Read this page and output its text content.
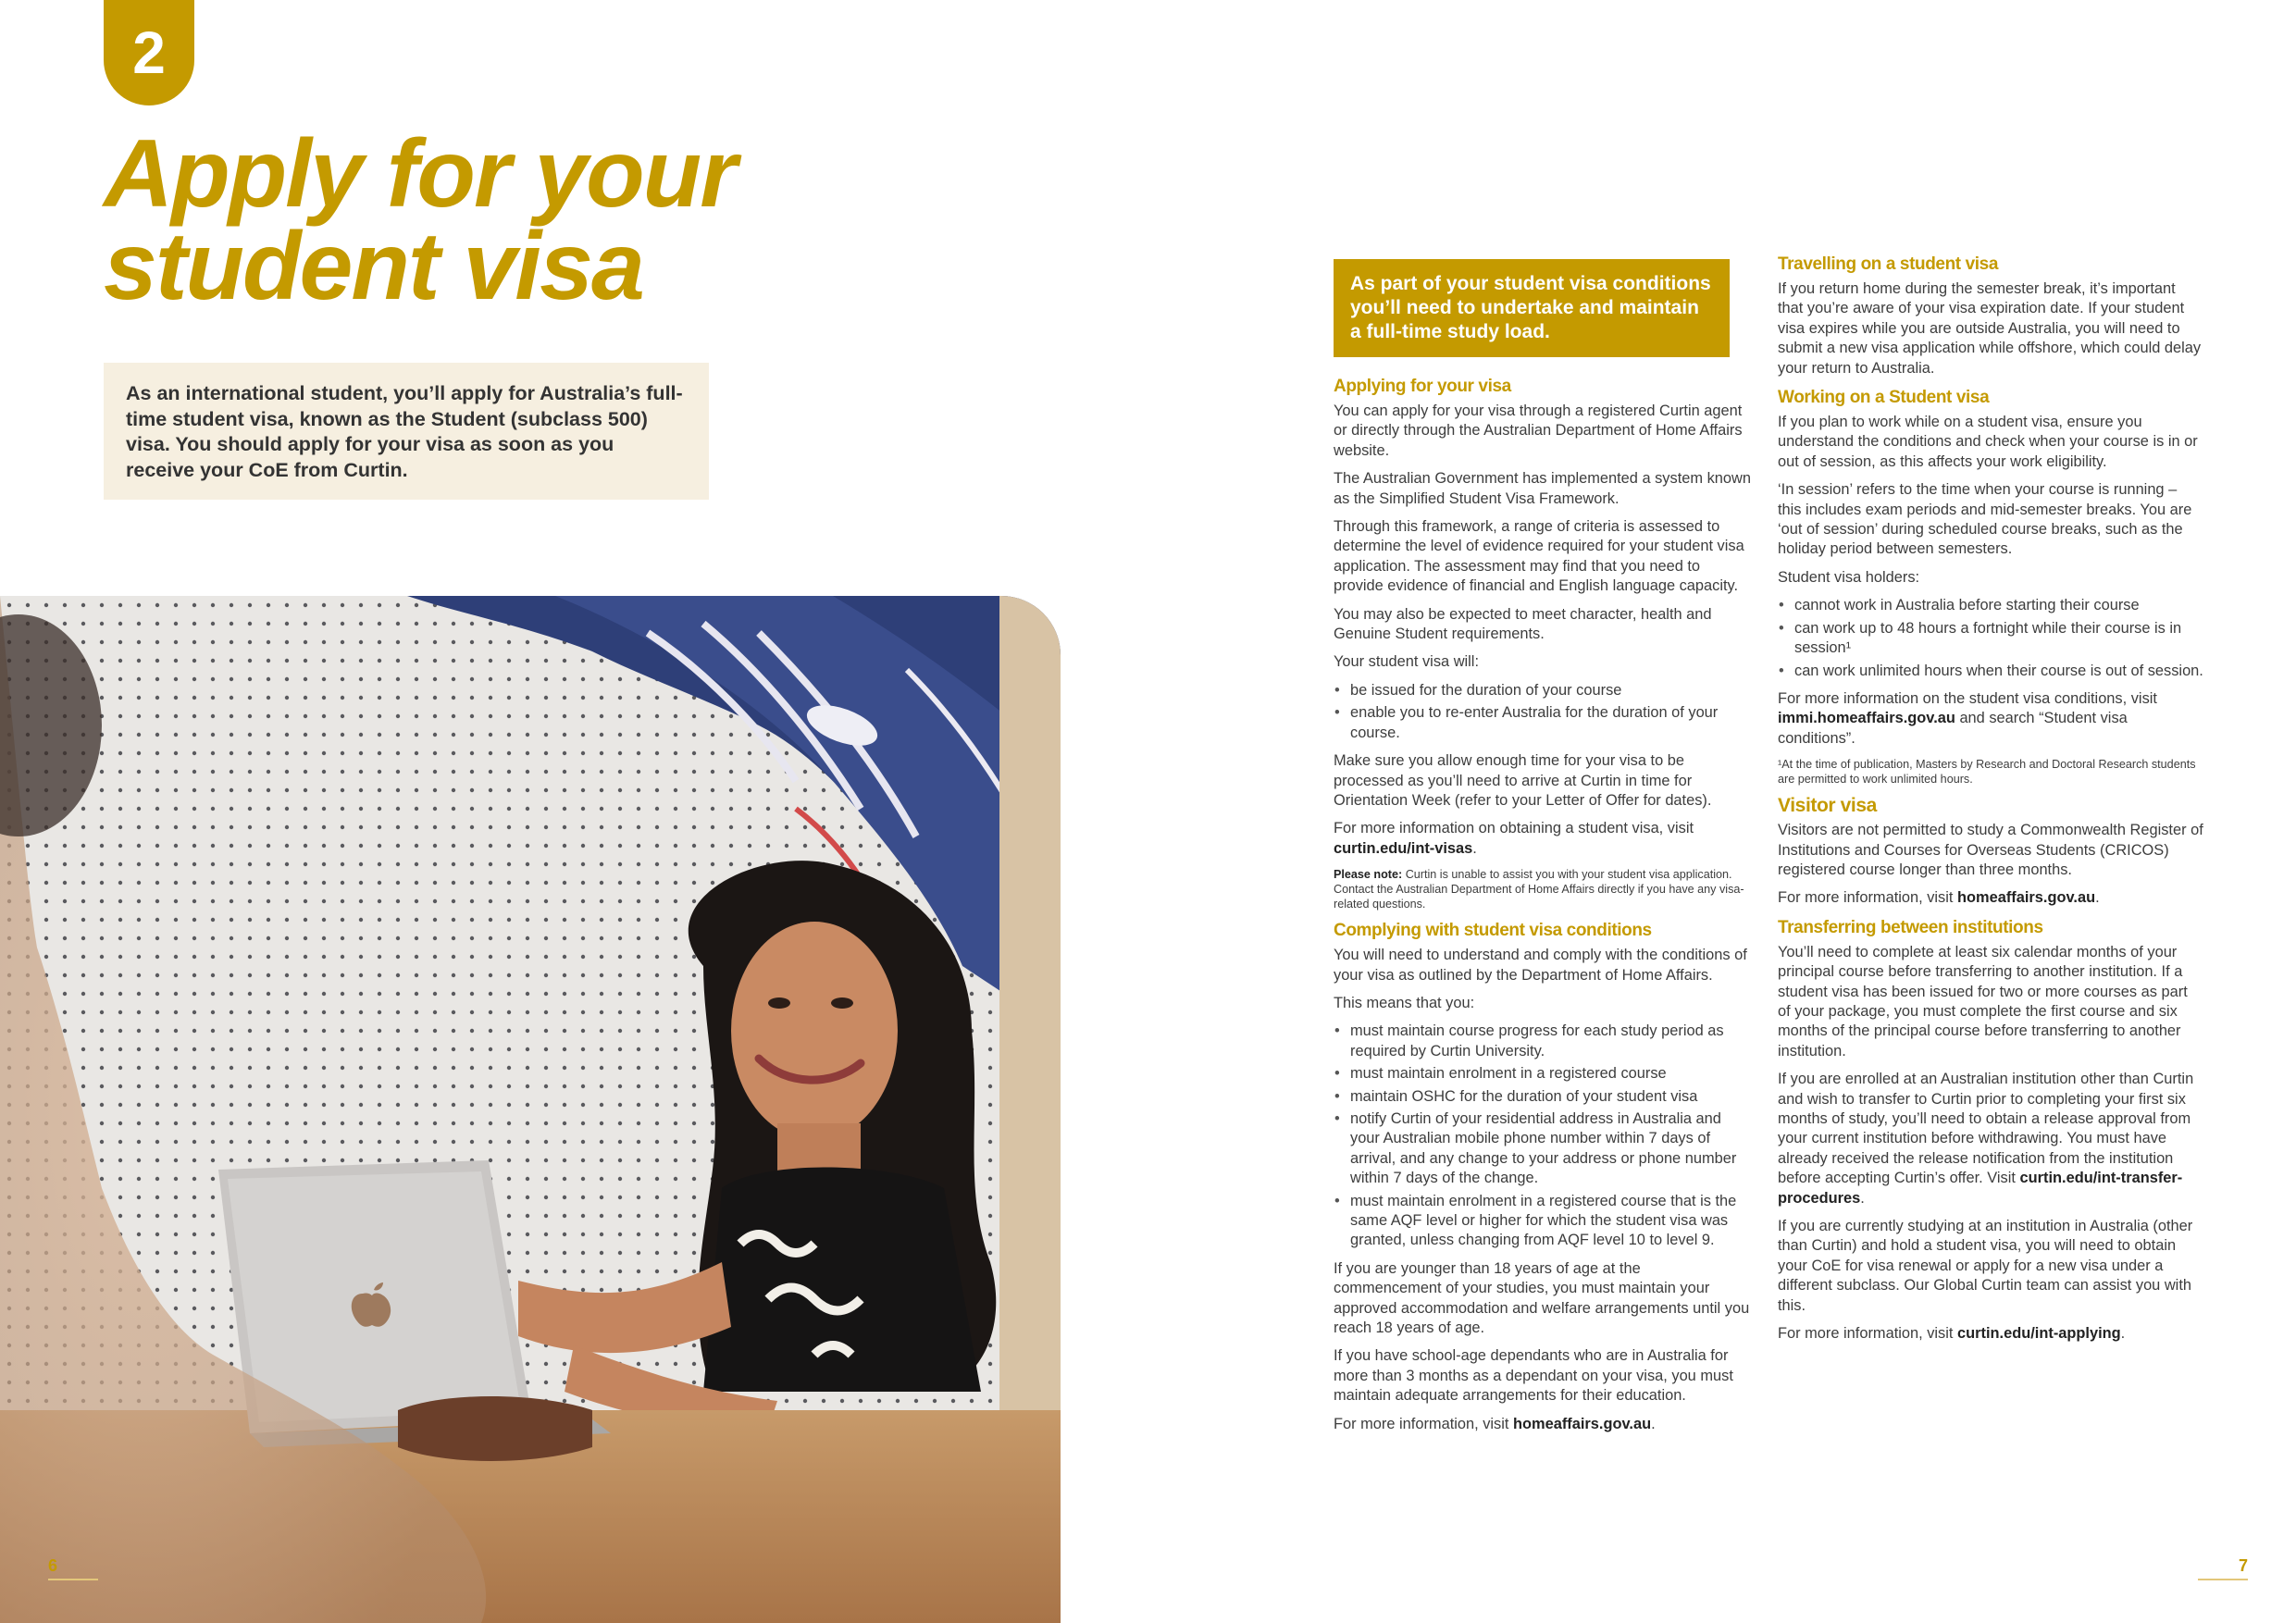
2
Apply for your
student visa
As an international student, you’ll apply for Australia’s full-time student visa, known as the Student (subclass 500) visa. You should apply for your visa as soon as you receive your CoE from Curtin.
6
As part of your student visa conditions you’ll need to undertake and maintain a full-time study load.
Applying for your visa

You can apply for your visa through a registered Curtin agent or directly through the Australian Department of Home Affairs website.

The Australian Government has implemented a system known as the Simplified Student Visa Framework.

Through this framework, a range of criteria is assessed to determine the level of evidence required for your student visa application. The assessment may find that you need to provide evidence of financial and English language capacity.

You may also be expected to meet character, health and Genuine Student requirements.

Your student visa will:

• be issued for the duration of your course
• enable you to re-enter Australia for the duration of your course.

Make sure you allow enough time for your visa to be processed as you’ll need to arrive at Curtin in time for Orientation Week (refer to your Letter of Offer for dates).

For more information on obtaining a student visa, visit curtin.edu/int-visas.

Please note: Curtin is unable to assist you with your student visa application. Contact the Australian Department of Home Affairs directly if you have any visa-related questions.

Complying with student visa conditions

You will need to understand and comply with the conditions of your visa as outlined by the Department of Home Affairs.

This means that you:

• must maintain course progress for each study period as required by Curtin University.
• must maintain enrolment in a registered course
• maintain OSHC for the duration of your student visa
• notify Curtin of your residential address in Australia and your Australian mobile phone number within 7 days of arrival, and any change to your address or phone number within 7 days of the change.
• must maintain enrolment in a registered course that is the same AQF level or higher for which the student visa was granted, unless changing from AQF level 10 to level 9.

If you are younger than 18 years of age at the commencement of your studies, you must maintain your approved accommodation and welfare arrangements until you reach 18 years of age.

If you have school-age dependants who are in Australia for more than 3 months as a dependant on your visa, you must maintain adequate arrangements for their education.

For more information, visit homeaffairs.gov.au.

Travelling on a student visa

If you return home during the semester break, it’s important that you’re aware of your visa expiration date. If your student visa expires while you are outside Australia, you will need to submit a new visa application while offshore, which could delay your return to Australia.

Working on a Student visa

If you plan to work while on a student visa, ensure you understand the conditions and check when your course is in or out of session, as this affects your work eligibility.

‘In session’ refers to the time when your course is running – this includes exam periods and mid-semester breaks. You are ‘out of session’ during scheduled course breaks, such as the holiday period between semesters.

Student visa holders:

• cannot work in Australia before starting their course
• can work up to 48 hours a fortnight while their course is in session¹
• can work unlimited hours when their course is out of session.

For more information on the student visa conditions, visit immi.homeaffairs.gov.au and search “Student visa conditions”.

¹At the time of publication, Masters by Research and Doctoral Research students are permitted to work unlimited hours.

Visitor visa

Visitors are not permitted to study a Commonwealth Register of Institutions and Courses for Overseas Students (CRICOS) registered course longer than three months.

For more information, visit homeaffairs.gov.au.

Transferring between institutions

You’ll need to complete at least six calendar months of your principal course before transferring to another institution. If a student visa has been issued for two or more courses as part of your package, you must complete the first course and six months of the principal course before transferring to another institution.

If you are enrolled at an Australian institution other than Curtin and wish to transfer to Curtin prior to completing your first six months of study, you’ll need to obtain a release approval from your current institution before withdrawing. You must have already received the release notification from the institution before accepting Curtin’s offer. Visit curtin.edu/int-transfer-procedures.

If you are currently studying at an institution in Australia (other than Curtin) and hold a student visa, you will need to obtain your CoE for visa renewal or apply for a new visa under a different subclass. Our Global Curtin team can assist you with this.

For more information, visit curtin.edu/int-applying.

7
